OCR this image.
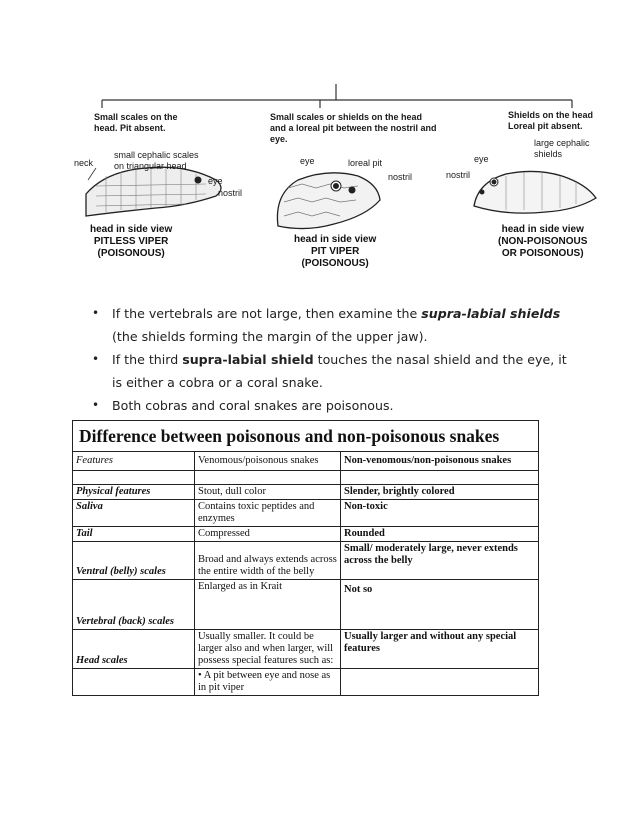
Small scales on the
head. Pit absent.
Small scales or shields on the head
and a loreal pit between the nostril and
eye.
Shields on the head
Loreal pit absent.
neck
small cephalic scales
on triangular head
eye
nostril
eye	loreal pit
nostril
eye
large cephalic
shields
nostril
head in side view
PITLESS VIPER
(POISONOUS)
head in side view
PIT VIPER
(POISONOUS)
head in side view
(NON-POISONOUS
OR POISONOUS)
• If the vertebrals are not large, then examine the supra-labial shields (the shields forming the margin of the upper jaw).
• If the third supra-labial shield touches the nasal shield and the eye, it is either a cobra or a coral snake.
• Both cobras and coral snakes are poisonous.
Difference between poisonous and non-poisonous snakes		
Features	Venomous/poisonous snakes	Non-venomous/non-poisonous snakes

Physical features	Stout, dull color	Slender, brightly colored
Saliva	Contains toxic peptides and enzymes	Non-toxic
Tail	Compressed	Rounded
Ventral (belly) scales	Broad and always extends across the entire width of the belly	Small/ moderately large, never extends across the belly
Vertebral (back) scales	Enlarged as in Krait	Not so
Head scales	Usually smaller. It could be larger also and when larger, will possess special features such as:	Usually larger and without any special features
	• A pit between eye and nose as in pit viper	
